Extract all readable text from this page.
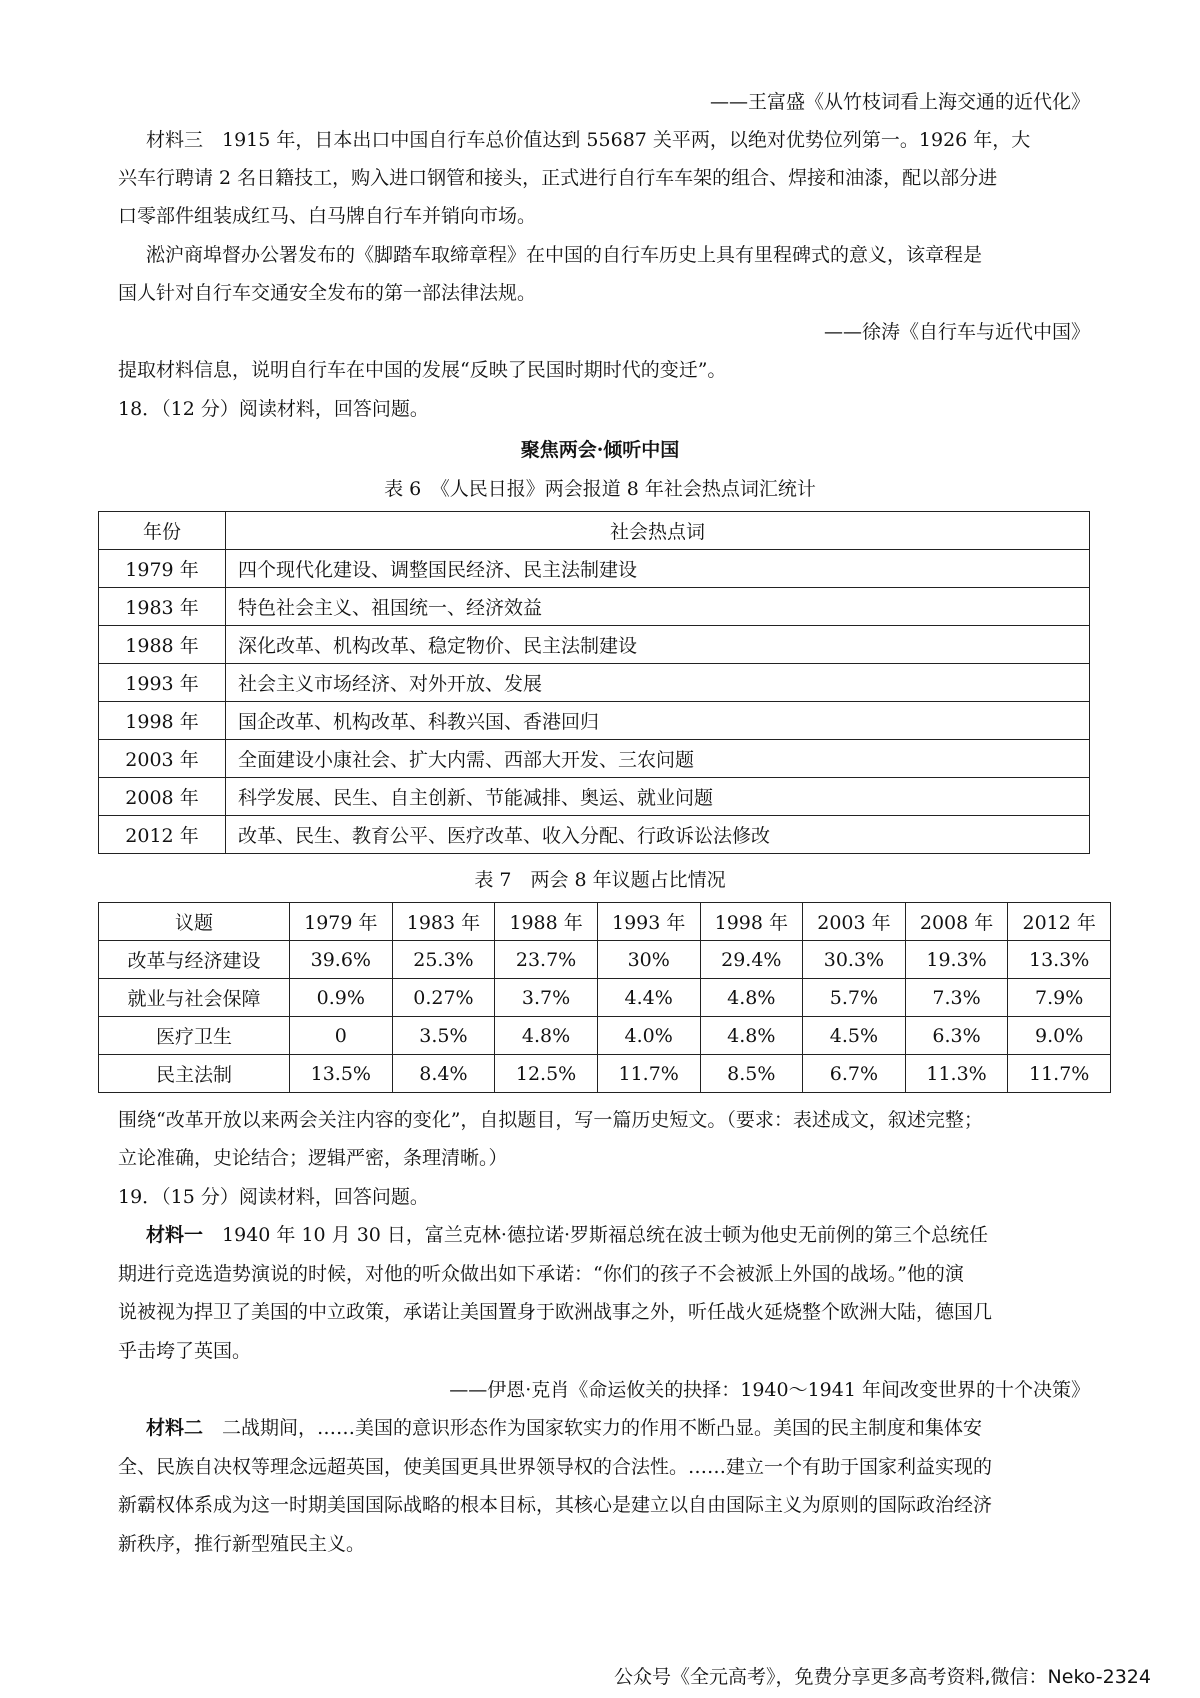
——王富盛《从竹枝词看上海交通的近代化》
材料三　1915 年，日本出口中国自行车总价值达到 55687 关平两，以绝对优势位列第一。1926 年，大
兴车行聘请 2 名日籍技工，购入进口钢管和接头，正式进行自行车车架的组合、焊接和油漆，配以部分进
口零部件组装成红马、白马牌自行车并销向市场。
淞沪商埠督办公署发布的《脚踏车取缔章程》在中国的自行车历史上具有里程碑式的意义，该章程是
国人针对自行车交通安全发布的第一部法律法规。
——徐涛《自行车与近代中国》
提取材料信息，说明自行车在中国的发展“反映了民国时期时代的变迁”。
18．（12 分）阅读材料，回答问题。
聚焦两会·倾听中国
表 6　《人民日报》两会报道 8 年社会热点词汇统计
年份	社会热点词
1979 年	四个现代化建设、调整国民经济、民主法制建设
1983 年	特色社会主义、祖国统一、经济效益
1988 年	深化改革、机构改革、稳定物价、民主法制建设
1993 年	社会主义市场经济、对外开放、发展
1998 年	国企改革、机构改革、科教兴国、香港回归
2003 年	全面建设小康社会、扩大内需、西部大开发、三农问题
2008 年	科学发展、民生、自主创新、节能减排、奥运、就业问题
2012 年	改革、民生、教育公平、医疗改革、收入分配、行政诉讼法修改
表 7　两会 8 年议题占比情况
议题	1979 年	1983 年	1988 年	1993 年	1998 年	2003 年	2008 年	2012 年
改革与经济建设	39.6%	25.3%	23.7%	30%	29.4%	30.3%	19.3%	13.3%
就业与社会保障	0.9%	0.27%	3.7%	4.4%	4.8%	5.7%	7.3%	7.9%
医疗卫生	0	3.5%	4.8%	4.0%	4.8%	4.5%	6.3%	9.0%
民主法制	13.5%	8.4%	12.5%	11.7%	8.5%	6.7%	11.3%	11.7%
围绕“改革开放以来两会关注内容的变化”，自拟题目，写一篇历史短文。（要求：表述成文，叙述完整；
立论准确，史论结合；逻辑严密，条理清晰。）
19．（15 分）阅读材料，回答问题。
材料一　1940 年 10 月 30 日，富兰克林·德拉诺·罗斯福总统在波士顿为他史无前例的第三个总统任
期进行竞选造势演说的时候，对他的听众做出如下承诺：“你们的孩子不会被派上外国的战场。”他的演
说被视为捍卫了美国的中立政策，承诺让美国置身于欧洲战事之外，听任战火延烧整个欧洲大陆，德国几
乎击垮了英国。
——伊恩·克肖《命运攸关的抉择：1940～1941 年间改变世界的十个决策》
材料二　二战期间，……美国的意识形态作为国家软实力的作用不断凸显。美国的民主制度和集体安
全、民族自决权等理念远超英国，使美国更具世界领导权的合法性。……建立一个有助于国家利益实现的
新霸权体系成为这一时期美国国际战略的根本目标，其核心是建立以自由国际主义为原则的国际政治经济
新秩序，推行新型殖民主义。
公众号《全元高考》，免费分享更多高考资料,微信：Neko-2324
